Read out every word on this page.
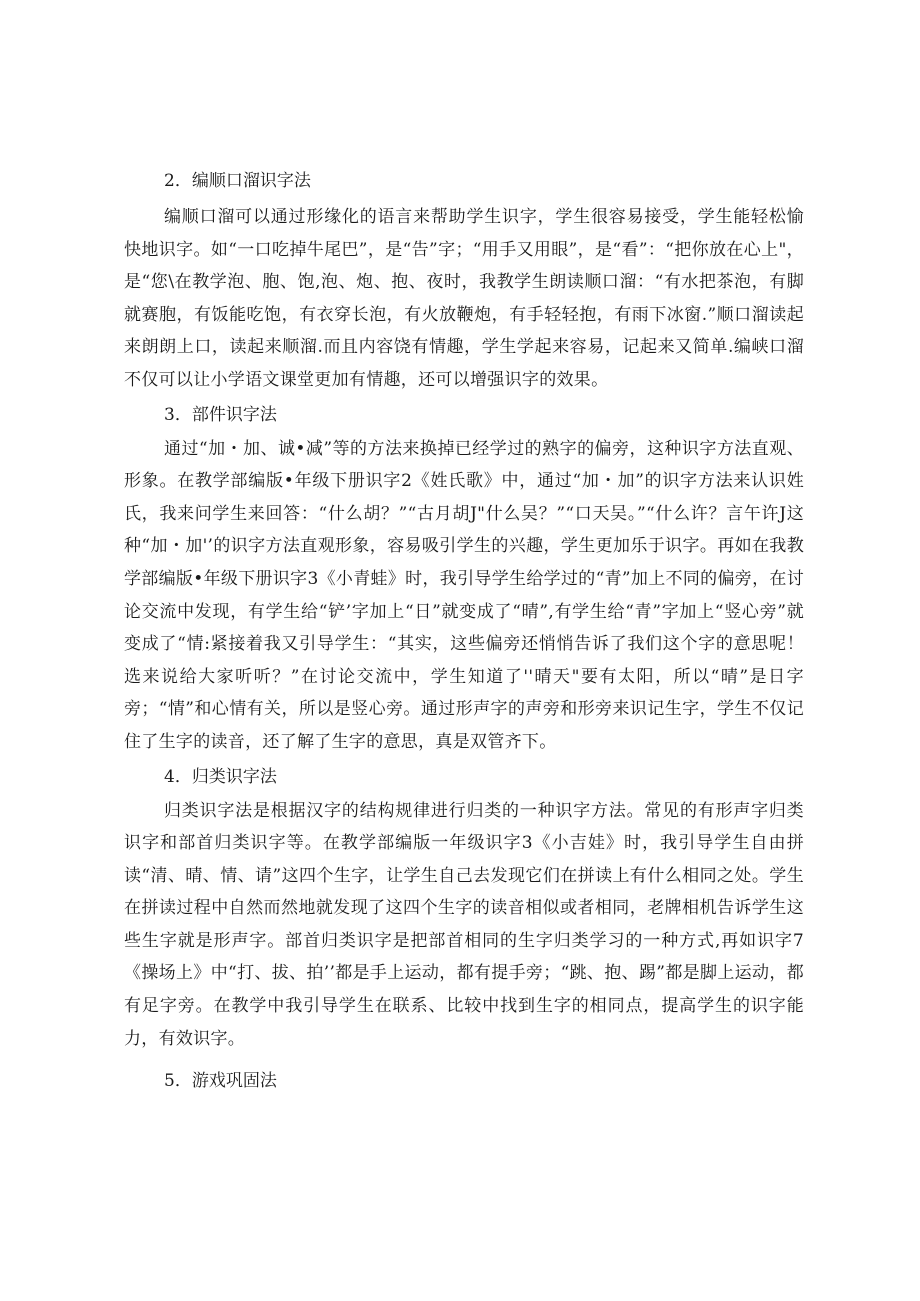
2．编顺口溜识字法

编顺口溜可以通过形缘化的语言来帮助学生识字，学生很容易接受，学生能轻松愉快地识字。如“一口吃掉牛尾巴”，是“告”字；“用手又用眼”，是“看”：“把你放在心上"，是“您\在教学泡、胞、饱,泡、炮、抱、夜时，我教学生朗读顺口溜：“有水把茶泡，有脚就赛胞，有饭能吃饱，有衣穿长泡，有火放鞭炮，有手轻轻抱，有雨下冰窗.”顺口溜读起来朗朗上口，读起来顺溜.而且内容饶有情趣，学生学起来容易，记起来又简单.编峡口溜不仅可以让小学语文课堂更加有情趣，还可以增强识字的效果。

3．部件识字法

通过“加・加、诚•减”等的方法来换掉已经学过的熟字的偏旁，这种识字方法直观、形象。在教学部编版•年级下册识字2《姓氏歌》中，通过“加・加”的识字方法来认识姓氏，我来问学生来回答：“什么胡？”“古月胡J"什么吴？”“口天吴。”“什么许？言午许J这种“加・加'’的识字方法直观形象，容易吸引学生的兴趣，学生更加乐于识字。再如在我教学部编版•年级下册识字3《小青蛙》时，我引导学生给学过的“青”加上不同的偏旁，在讨论交流中发现，有学生给“铲’字加上“日”就变成了“晴”,有学生给“青”字加上“竖心旁”就变成了“情:紧接着我又引导学生：“其实，这些偏旁还悄悄告诉了我们这个字的意思呢！选来说给大家听听？”在讨论交流中，学生知道了''晴天"要有太阳，所以“晴”是日字旁；“情”和心情有关，所以是竖心旁。通过形声字的声旁和形旁来识记生字，学生不仅记住了生字的读音，还了解了生字的意思，真是双管齐下。

4．归类识字法

归类识字法是根据汉字的结构规律进行归类的一种识字方法。常见的有形声字归类识字和部首归类识字等。在教学部编版一年级识字3《小吉娃》时，我引导学生自由拼读“清、晴、情、请”这四个生字，让学生自己去发现它们在拼读上有什么相同之处。学生在拼读过程中自然而然地就发现了这四个生字的读音相似或者相同，老牌相机告诉学生这些生字就是形声字。部首归类识字是把部首相同的生字归类学习的一种方式,再如识字7《操场上》中“打、拔、拍’’都是手上运动，都有提手旁；“跳、抱、踢”都是脚上运动，都有足字旁。在教学中我引导学生在联系、比较中找到生字的相同点，提高学生的识字能力，有效识字。

5．游戏巩固法
